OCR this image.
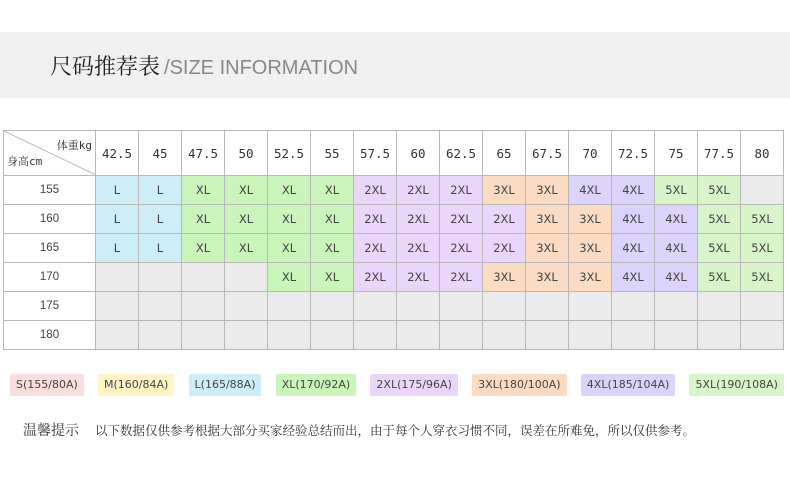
尺码推荐表 /SIZE INFORMATION
体重kg
身高cm	42.5	45	47.5	50	52.5	55	57.5	60	62.5	65	67.5	70	72.5	75	77.5	80
155	L	L	XL	XL	XL	XL	2XL	2XL	2XL	3XL	3XL	4XL	4XL	5XL	5XL	
160	L	L	XL	XL	XL	XL	2XL	2XL	2XL	2XL	3XL	3XL	4XL	4XL	5XL	5XL
165	L	L	XL	XL	XL	XL	2XL	2XL	2XL	2XL	3XL	3XL	4XL	4XL	5XL	5XL
170					XL	XL	2XL	2XL	2XL	3XL	3XL	3XL	4XL	4XL	5XL	5XL
175																
180																
S(155/80A)	M(160/84A)	L(165/88A)	XL(170/92A)	2XL(175/96A)	3XL(180/100A)	4XL(185/104A)	5XL(190/108A)
温馨提示 以下数据仅供参考根据大部分买家经验总结而出，由于每个人穿衣习惯不同，误差在所难免，所以仅供参考。
